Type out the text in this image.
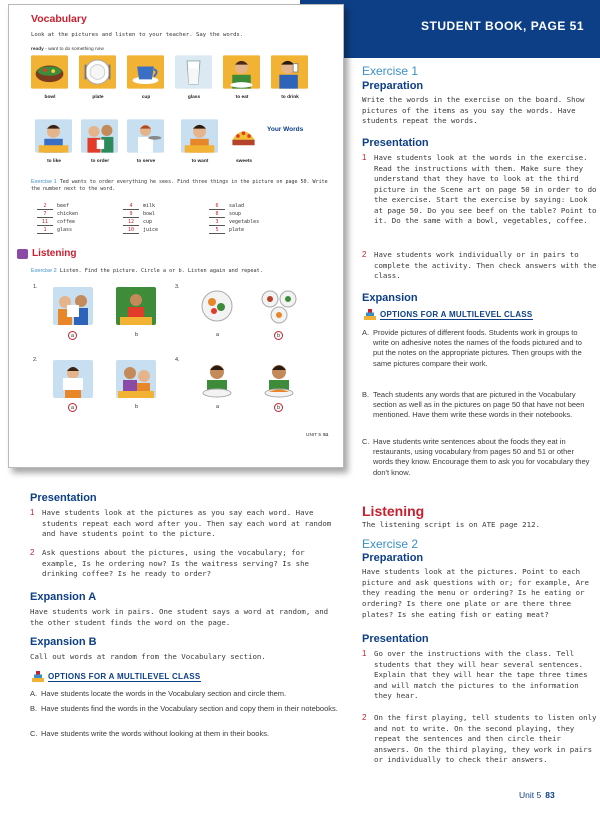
STUDENT BOOK, PAGE 51
Vocabulary
Look at the pictures and listen to your teacher. Say the words.
ready - want to do something now
bowl	plate	cup	glass	to eat	to drink
Your Words
to like	to order	to serve	to want	sweets
Exercise 1 Ted wants to order everything he sees. Find three things in the picture on page 50. Write the number next to the word.
2	beef	4	milk	6	salad
7	chicken	9	bowl	8	soup
11	coffee	12	cup	3	vegetables
1	glass	10	juice	5	plate
Listening
Exercise 2 Listen. Find the picture. Circle a or b. Listen again and repeat.
1.	3.
2.	4.
a	b	a	b
a	b	a	b
UNIT 5 51
Exercise 1
Preparation
Write the words in the exercise on the board. Show pictures of the items as you say the words. Have students repeat the words.
Presentation
1	Have students look at the words in the exercise. Read the instructions with them. Make sure they understand that they have to look at the third picture in the Scene art on page 50 in order to do the exercise. Start the exercise by saying: Look at page 50. Do you see beef on the table? Point to it. Do the same with a bowl, vegetables, coffee.
2	Have students work individually or in pairs to complete the activity. Then check answers with the class.
Expansion
OPTIONS FOR A MULTILEVEL CLASS
A. Provide pictures of different foods. Students work in groups to write on adhesive notes the names of the foods pictured and to put the notes on the appropriate pictures. Then groups with the same pictures compare their work.
B. Teach students any words that are pictured in the Vocabulary section as well as in the pictures on page 50 that have not been mentioned. Have them write these words in their notebooks.
C. Have students write sentences about the foods they eat in restaurants, using vocabulary from pages 50 and 51 or other words they know. Encourage them to ask you for vocabulary they don't know.
Listening
The listening script is on ATE page 212.
Exercise 2
Preparation
Have students look at the pictures. Point to each picture and ask questions with or; for example, Are they reading the menu or ordering? Is he eating or ordering? Is there one plate or are there three plates? Is she eating fish or eating meat?
Presentation
1	Go over the instructions with the class. Tell students that they will hear several sentences. Explain that they will hear the tape three times and will match the pictures to the information they hear.
2	On the first playing, tell students to listen only and not to write. On the second playing, they repeat the sentences and then circle their answers. On the third playing, they work in pairs or individually to check their answers.
Presentation
1	Have students look at the pictures as you say each word. Have students repeat each word after you. Then say each word at random and have students point to the picture.
2	Ask questions about the pictures, using the vocabulary; for example, Is he ordering now? Is the waitress serving? Is she drinking coffee? Is he ready to order?
Expansion A
Have students work in pairs. One student says a word at random, and the other student finds the word on the page.
Expansion B
Call out words at random from the Vocabulary section.
OPTIONS FOR A MULTILEVEL CLASS
A. Have students locate the words in the Vocabulary section and circle them.
B. Have students find the words in the Vocabulary section and copy them in their notebooks.
C. Have students write the words without looking at them in their books.
Unit 5 83
